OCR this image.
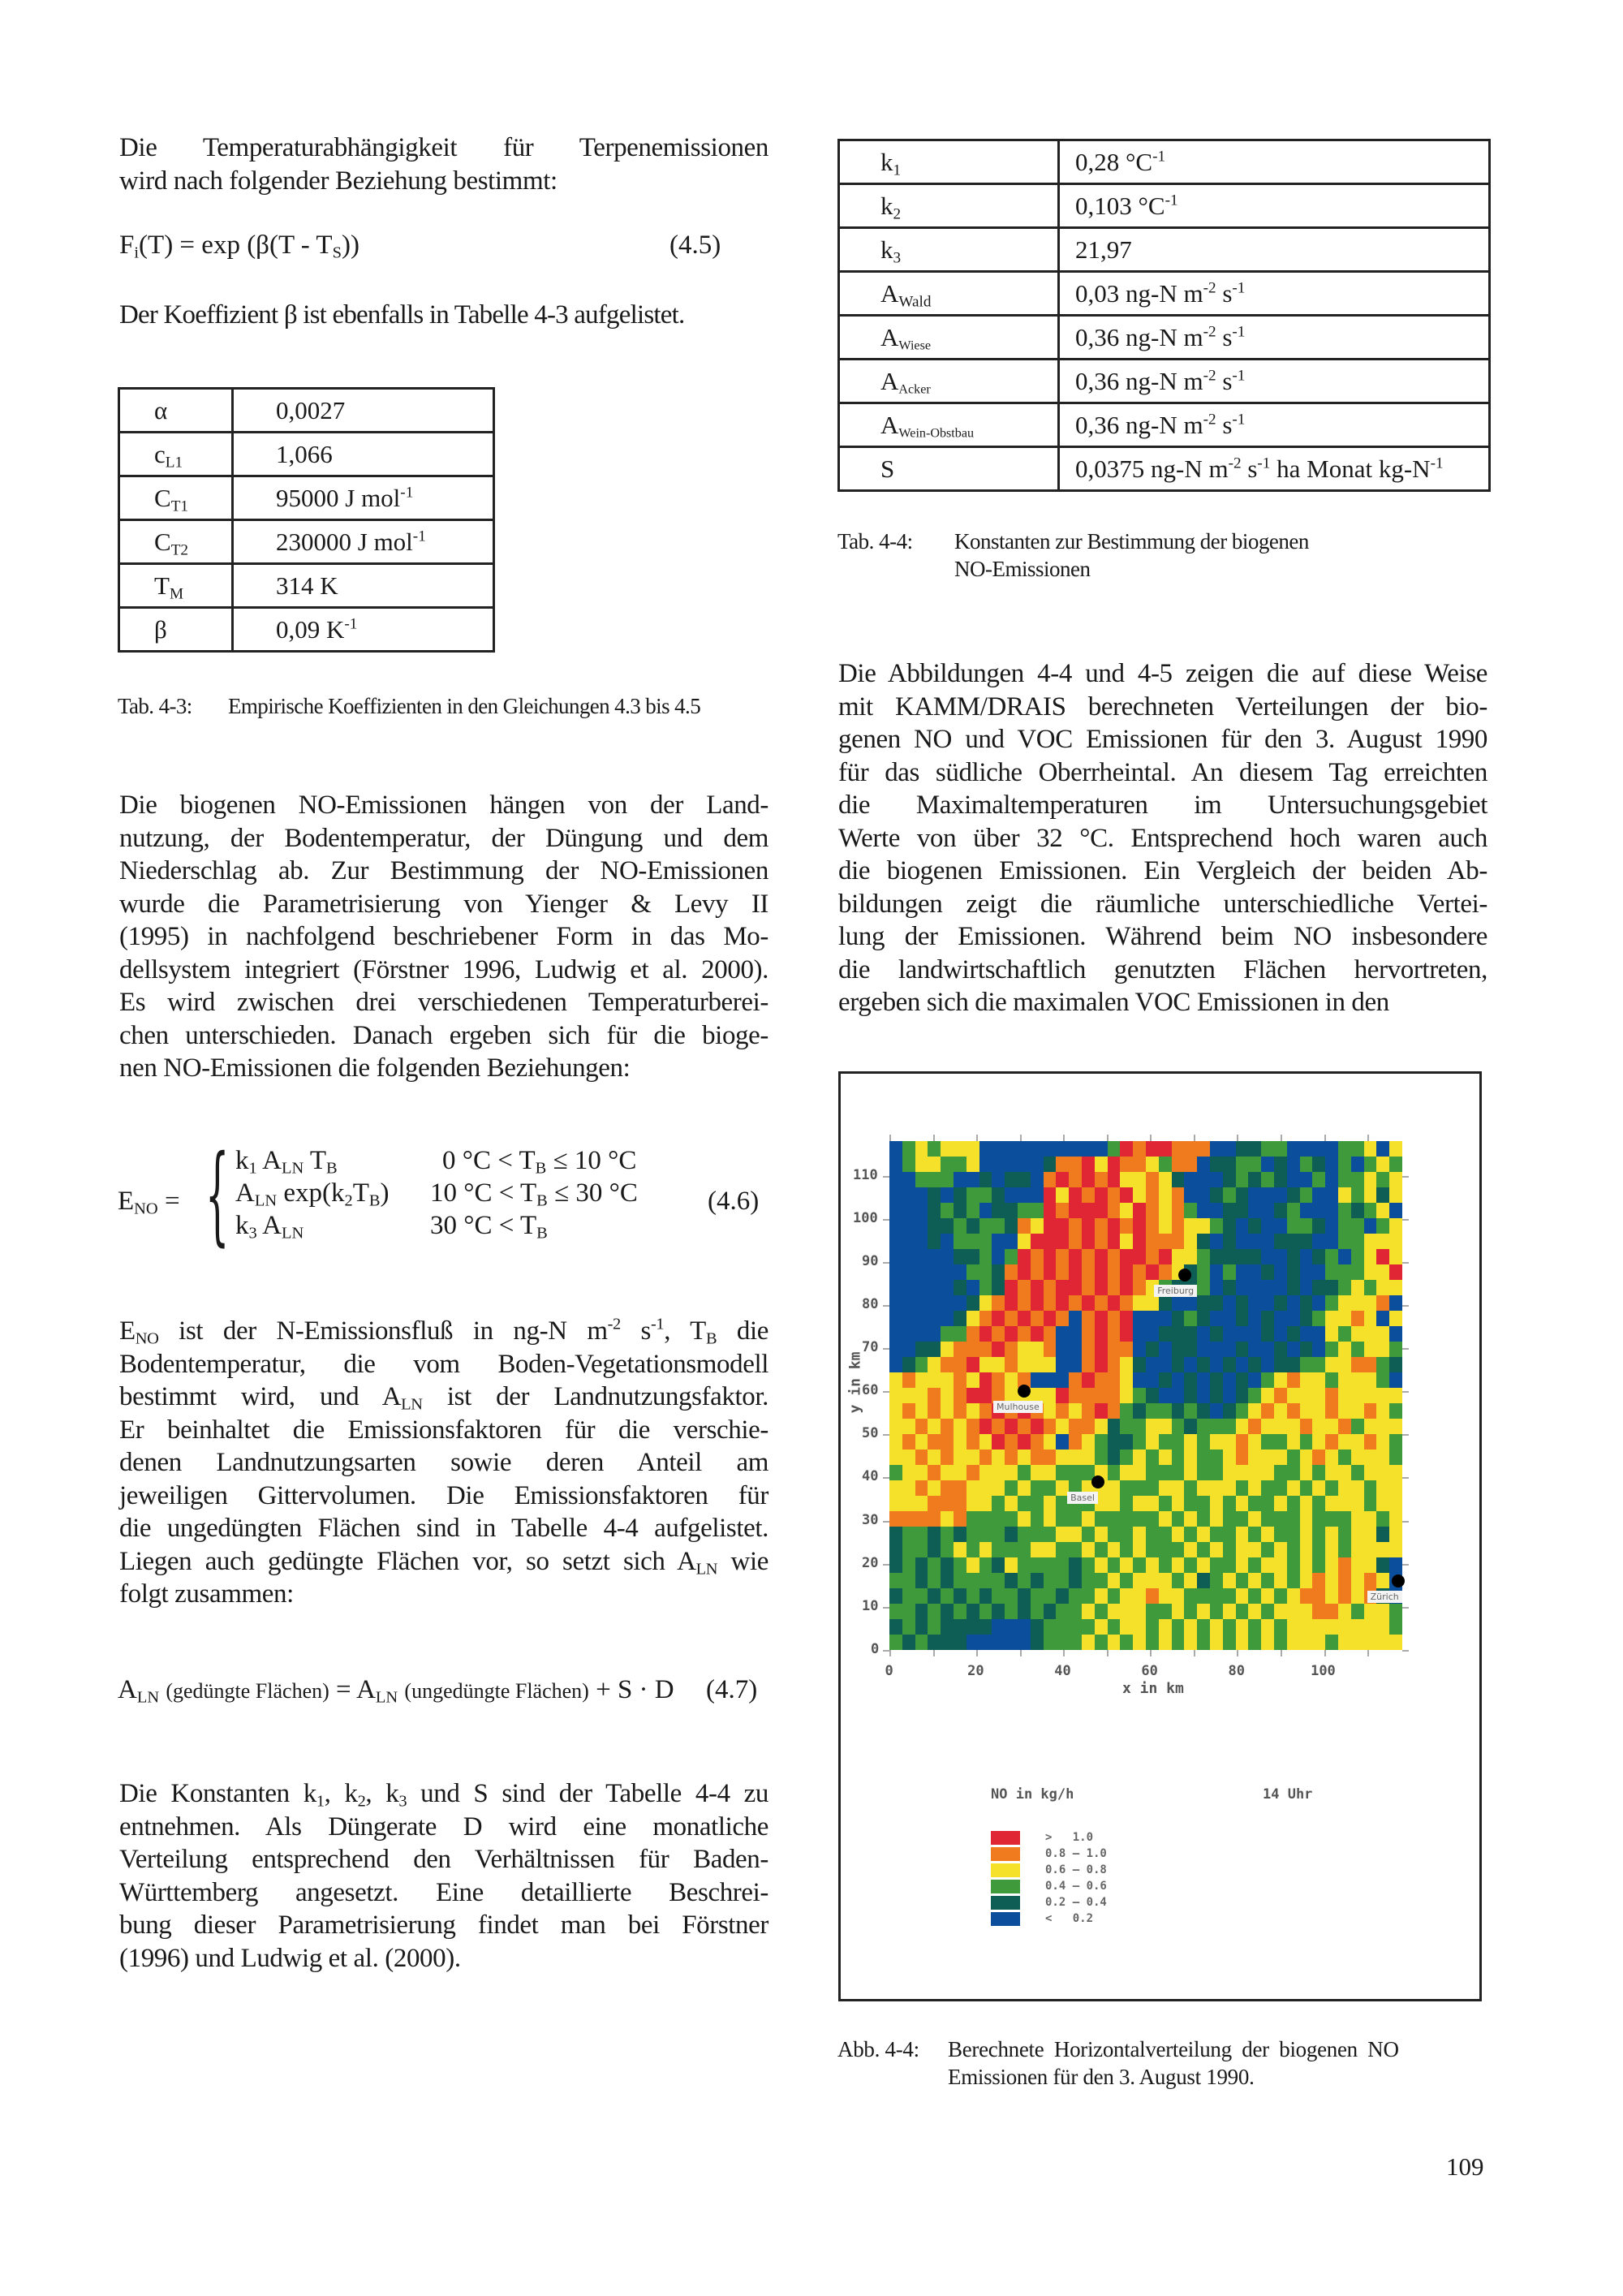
Die Temperaturabhängigkeit für Terpenemissionen
wird nach folgender Beziehung bestimmt:
$F_i(T) = \exp (\beta(T - T_S))$	(4.5)
Der Koeffizient β ist ebenfalls in Tabelle 4-3 aufgelistet.
α	0,0027
$c_{L1}$	1,066
$C_{T1}$	95000 J mol$^{-1}$
$C_{T2}$	230000 J mol$^{-1}$
$T_M$	314 K
β	0,09 $K^{-1}$
Tab. 4-3: Empirische Koeffizienten in den Gleichungen 4.3 bis 4.5
Die biogenen NO-Emissionen hängen von der Land-
nutzung, der Bodentemperatur, der Düngung und dem
Niederschlag ab. Zur Bestimmung der NO-Emissionen
wurde die Parametrisierung von Yienger & Levy II
(1995) in nachfolgend beschriebener Form in das Mo-
dellsystem integriert (Förstner 1996, Ludwig et al. 2000).
Es wird zwischen drei verschiedenen Temperaturberei-
chen unterschieden. Danach ergeben sich für die bioge-
nen NO-Emissionen die folgenden Beziehungen:
$E_{NO}$ = { $k_1$ $A_{LN}$ $T_B$	0 $^\circ C < T_B \le 10$ °C
$A_{LN}$ $\exp(k_2T_B)$ 10 $^\circ C < T_B \le 30$ °C
$k_3$ $A_{LN}$	30 $^\circ C < T_B$
(4.6)
$E_{NO}$ ist der N-Emissionsfluß in ng-N $m^{-2}$ $s^{-1}$, $T_B$ die
Bodentemperatur, die vom Boden-Vegetationsmodell
bestimmt wird, und $A_{LN}$ ist der Landnutzungsfaktor.
Er beinhaltet die Emissionsfaktoren für die verschie-
denen Landnutzungsarten sowie deren Anteil am
jeweiligen Gittervolumen. Die Emissionsfaktoren für
die ungedüngten Flächen sind in Tabelle 4-4 aufgelistet.
Liegen auch gedüngte Flächen vor, so setzt sich $A_{LN}$ wie
folgt zusammen:
$A_{LN}$ (gedüngte Flächen) = $A_{LN}$ (ungedüngte Flächen) + S · D (4.7)
Die Konstanten $k_1$, $k_2$, $k_3$ und S sind der Tabelle 4-4 zu
entnehmen. Als Düngerate D wird eine monatliche
Verteilung entsprechend den Verhältnissen für Baden-
Württemberg angesetzt. Eine detaillierte Beschrei-
bung dieser Parametrisierung findet man bei Förstner
(1996) und Ludwig et al. (2000).
$k_1$	0,28 $^\circ C^{-1}$
$k_2$	0,103 $^\circ C^{-1}$
$k_3$	21,97
$A_{Wald}$	0,03 ng-N $m^{-2}$ $s^{-1}$
$A_{Wiese}$	0,36 ng-N $m^{-2}$ $s^{-1}$
$A_{Acker}$	0,36 ng-N $m^{-2}$ $s^{-1}$
$A_{Wein-Obstbau}$	0,36 ng-N $m^{-2}$ $s^{-1}$
S	0,0375 ng-N $m^{-2}$ $s^{-1}$ ha Monat $kg-N^{-1}$
Tab. 4-4: Konstanten zur Bestimmung der biogenen
NO-Emissionen
Die Abbildungen 4-4 und 4-5 zeigen die auf diese Weise
mit KAMM/DRAIS berechneten Verteilungen der bio-
genen NO und VOC Emissionen für den 3. August 1990
für das südliche Oberrheintal. An diesem Tag erreichten
die Maximaltemperaturen im Untersuchungsgebiet
Werte von über 32 °C. Entsprechend hoch waren auch
die biogenen Emissionen. Ein Vergleich der beiden Ab-
bildungen zeigt die räumliche unterschiedliche Vertei-
lung der Emissionen. Während beim NO insbesondere
die landwirtschaftlich genutzten Flächen hervortreten,
ergeben sich die maximalen VOC Emissionen in den
0
10
20
30
40
50
60
70
80
90
100
110
0	20	40	60	80	100
x in km
y in km
Freiburg
Mulhouse
Basel
Zürich
NO in kg/h	14 Uhr
>   1.0
0.8 – 1.0
0.6 – 0.8
0.4 – 0.6
0.2 – 0.4
<   0.2
Abb. 4-4: Berechnete Horizontalverteilung der biogenen NO
Emissionen für den 3. August 1990.
109
